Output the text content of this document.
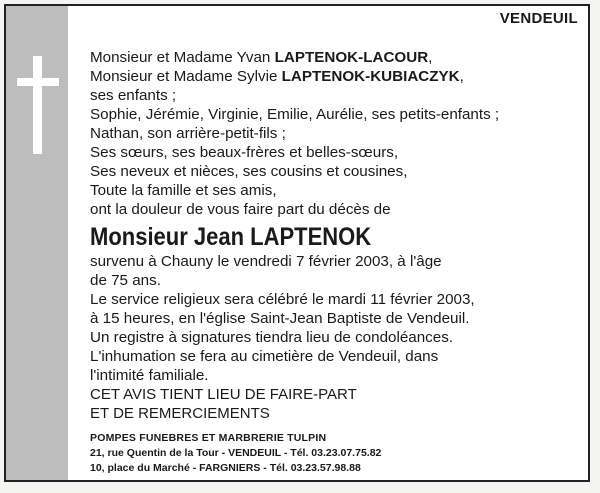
VENDEUIL
Monsieur et Madame Yvan LAPTENOK-LACOUR,
Monsieur et Madame Sylvie LAPTENOK-KUBIACZYK,
ses enfants ;
Sophie, Jérémie, Virginie, Emilie, Aurélie, ses petits-enfants ;
Nathan, son arrière-petit-fils ;
Ses sœurs, ses beaux-frères et belles-sœurs,
Ses neveux et nièces, ses cousins et cousines,
Toute la famille et ses amis,
ont la douleur de vous faire part du décès de
Monsieur Jean LAPTENOK
survenu à Chauny le vendredi 7 février 2003, à l'âge
de 75 ans.
Le service religieux sera célébré le mardi 11 février 2003,
à 15 heures, en l'église Saint-Jean Baptiste de Vendeuil.
Un registre à signatures tiendra lieu de condoléances.
L'inhumation se fera au cimetière de Vendeuil, dans
l'intimité familiale.
CET AVIS TIENT LIEU DE FAIRE-PART
ET DE REMERCIEMENTS
POMPES FUNEBRES ET MARBRERIE TULPIN
21, rue Quentin de la Tour - VENDEUIL - Tél. 03.23.07.75.82
10, place du Marché - FARGNIERS - Tél. 03.23.57.98.88
